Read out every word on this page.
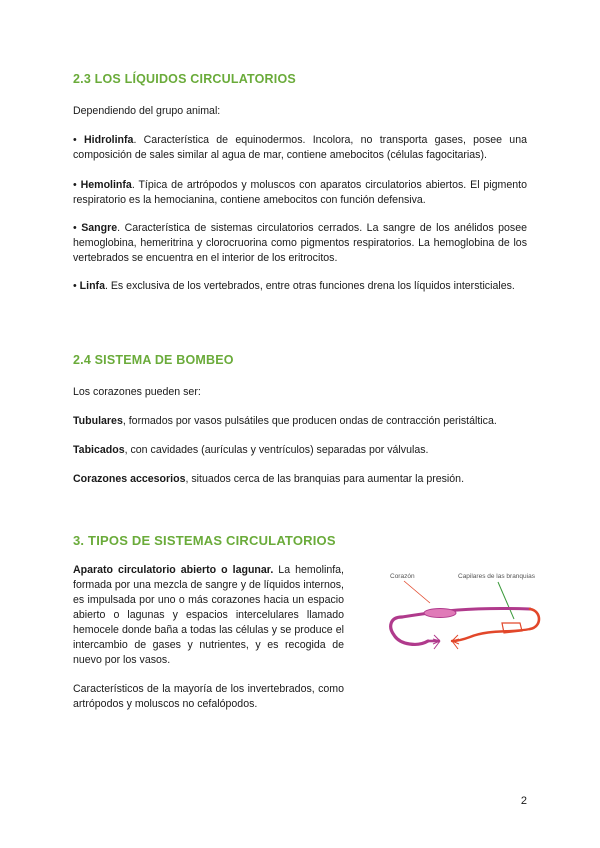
2.3 LOS LÍQUIDOS CIRCULATORIOS
Dependiendo del grupo animal:
• Hidrolinfa. Característica de equinodermos. Incolora, no transporta gases, posee una composición de sales similar al agua de mar, contiene amebocitos (células fagocitarias).
• Hemolinfa. Típica de artrópodos y moluscos con aparatos circulatorios abiertos. El pigmento respiratorio es la hemocianina, contiene amebocitos con función defensiva.
• Sangre. Característica de sistemas circulatorios cerrados. La sangre de los anélidos posee hemoglobina, hemeritrina y clorocruorina como pigmentos respiratorios. La hemoglobina de los vertebrados se encuentra en el interior de los eritrocitos.
• Linfa. Es exclusiva de los vertebrados, entre otras funciones drena los líquidos intersticiales.
2.4 SISTEMA DE BOMBEO
Los corazones pueden ser:
Tubulares, formados por vasos pulsátiles que producen ondas de contracción peristáltica.
Tabicados, con cavidades (aurículas y ventrículos) separadas por válvulas.
Corazones accesorios, situados cerca de las branquias para aumentar la presión.
3. TIPOS DE SISTEMAS CIRCULATORIOS
Aparato circulatorio abierto o lagunar. La hemolinfa, formada por una mezcla de sangre y de líquidos internos, es impulsada por uno o más corazones hacia un espacio abierto o lagunas y espacios intercelulares llamado hemocele donde baña a todas las células y se produce el intercambio de gases y nutrientes, y es recogida de nuevo por los vasos.
Característicos de la mayoría de los invertebrados, como artrópodos y moluscos no cefalópodos.
Corazón	Capilares de las branquias
2
